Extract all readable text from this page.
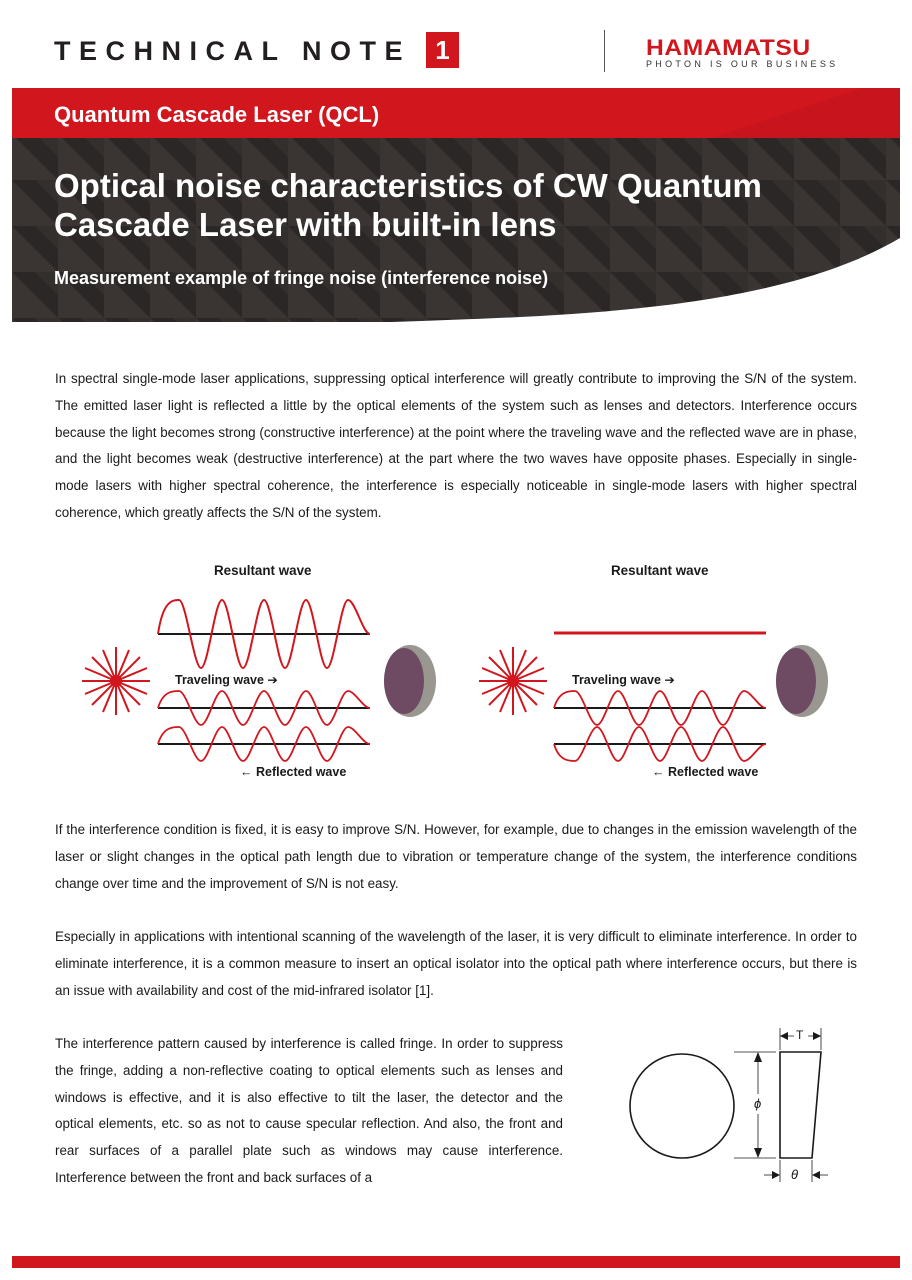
TECHNICAL NOTE 1	HAMAMATSU
PHOTON IS OUR BUSINESS
Quantum Cascade Laser (QCL)
Optical noise characteristics of CW Quantum Cascade Laser with built-in lens
Measurement example of fringe noise (interference noise)

In spectral single-mode laser applications, suppressing optical interference will greatly contribute to improving the S/N of the system. The emitted laser light is reflected a little by the optical elements of the system such as lenses and detectors. Interference occurs because the light becomes strong (constructive interference) at the point where the traveling wave and the reflected wave are in phase, and the light becomes weak (destructive interference) at the part where the two waves have opposite phases. Especially in single-mode lasers with higher spectral coherence, the interference is especially noticeable in single-mode lasers with higher spectral coherence, which greatly affects the S/N of the system.

Resultant wave
Traveling wave ➔
← Reflected wave
Resultant wave
Traveling wave ➔
← Reflected wave

If the interference condition is fixed, it is easy to improve S/N. However, for example, due to changes in the emission wavelength of the laser or slight changes in the optical path length due to vibration or temperature change of the system, the interference conditions change over time and the improvement of S/N is not easy.

Especially in applications with intentional scanning of the wavelength of the laser, it is very difficult to eliminate interference. In order to eliminate interference, it is a common measure to insert an optical isolator into the optical path where interference occurs, but there is an issue with availability and cost of the mid-infrared isolator [1].

The interference pattern caused by interference is called fringe. In order to suppress the fringe, adding a non-reflective coating to optical elements such as lenses and windows is effective, and it is also effective to tilt the laser, the detector and the optical elements, etc. so as not to cause specular reflection. And also, the front and rear surfaces of a parallel plate such as windows may cause interference. Interference between the front and back surfaces of a

T
ϕ
θ
